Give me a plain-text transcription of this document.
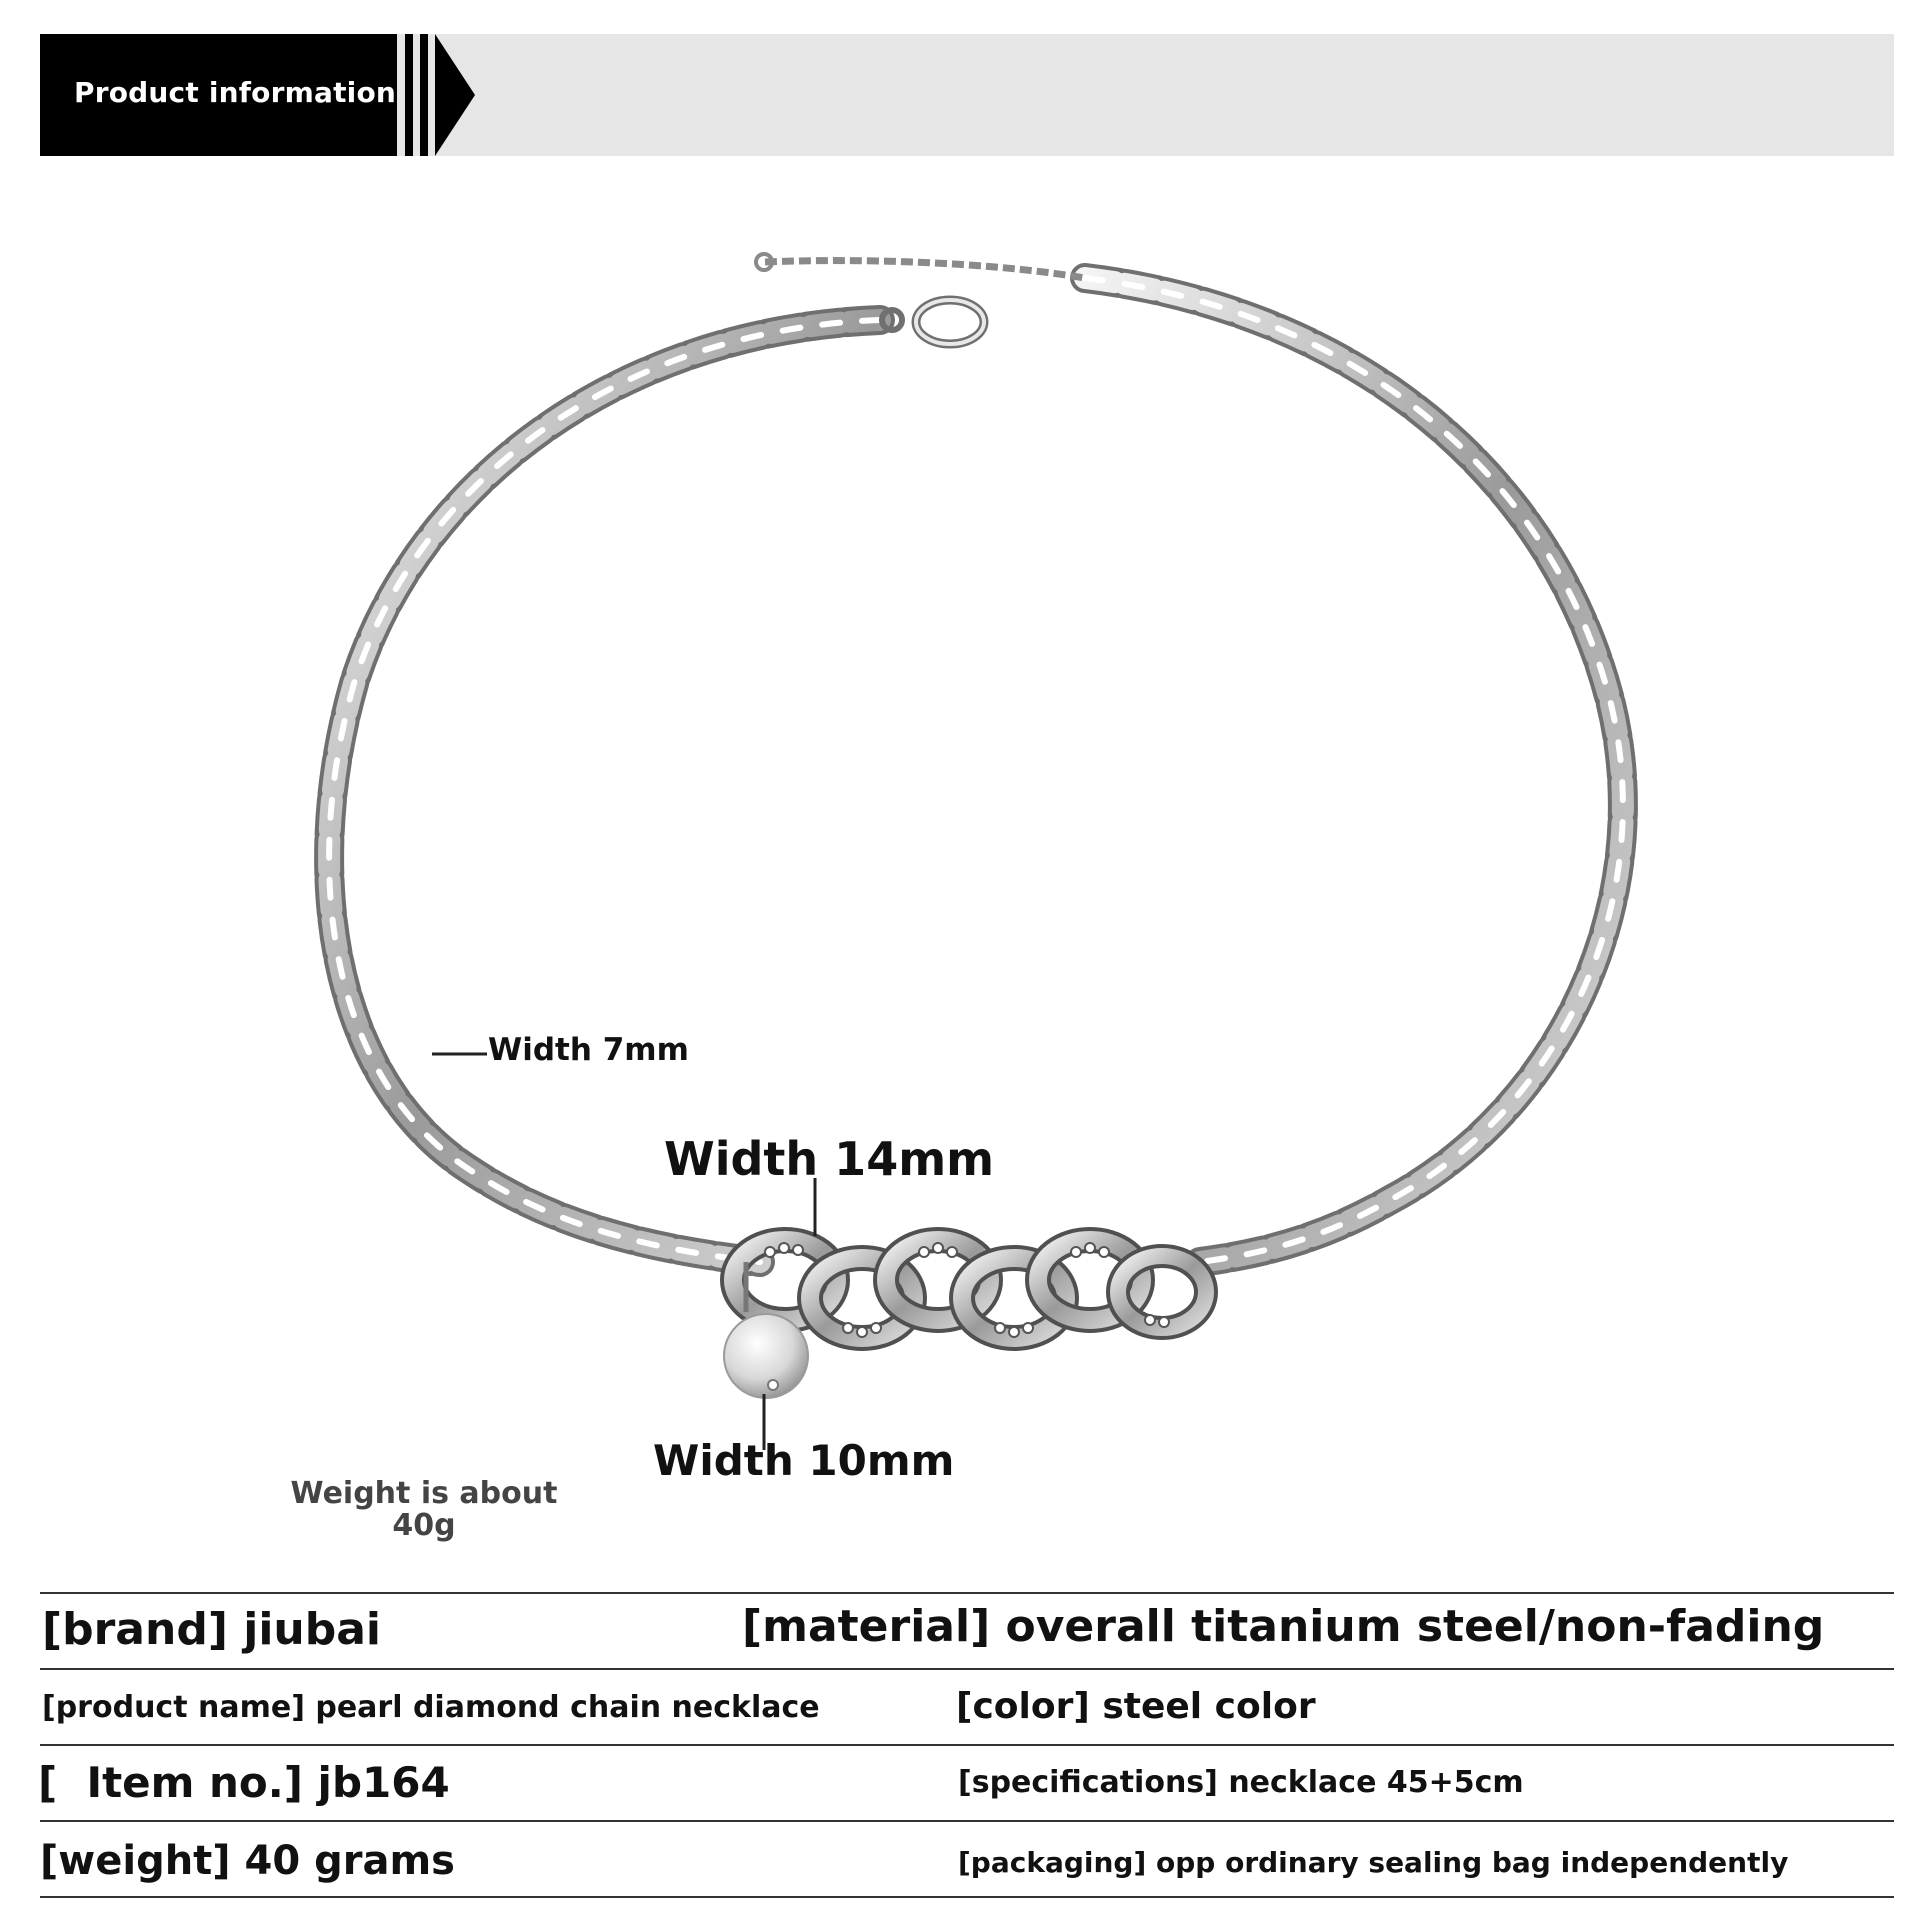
Product information
Width 7mm
Width 14mm
Width 10mm
Weight is about
40g
[brand] jiubai	[material] overall titanium steel/non-fading
[product name] pearl diamond chain necklace	[color] steel color
[  Item no.] jb164	[specifications] necklace 45+5cm
[weight] 40 grams	[packaging] opp ordinary sealing bag independently
